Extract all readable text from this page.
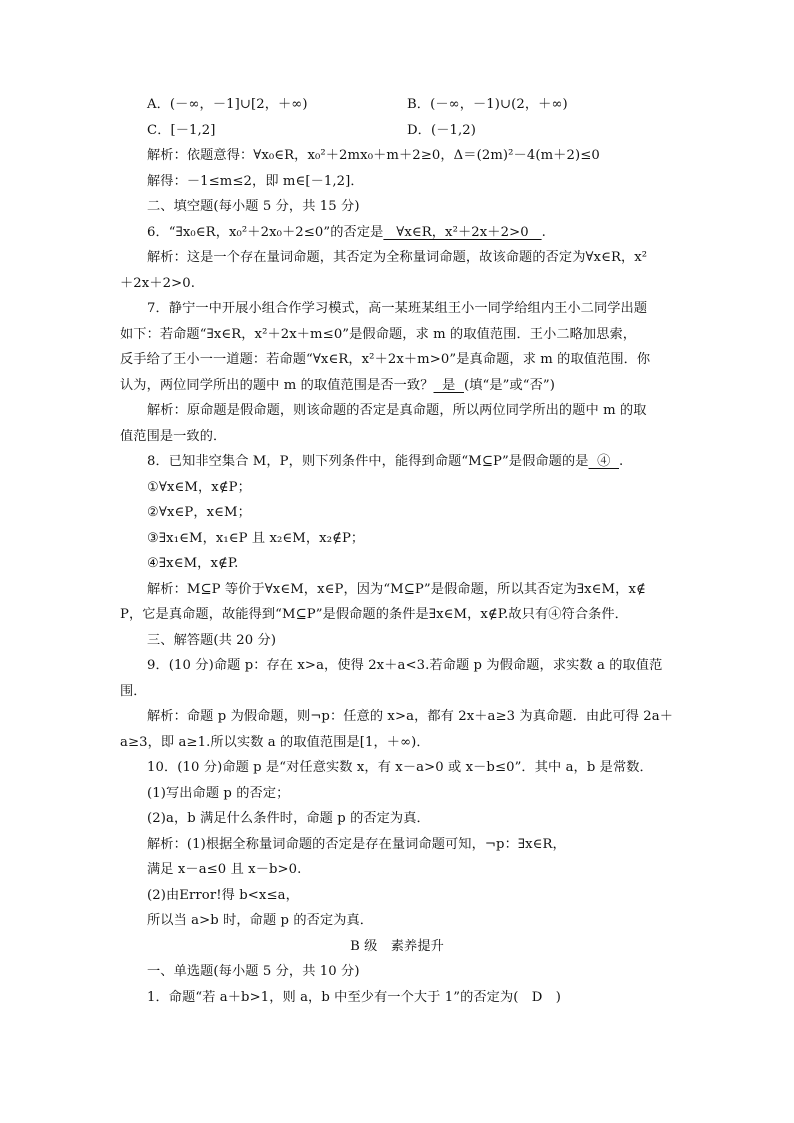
A．(－∞，－1]∪[2，＋∞)	B．(－∞，－1)∪(2，＋∞)
C．[－1,2]	D．(－1,2)
解析：依题意得：∀x₀∈R，x₀²＋2mx₀＋m＋2≥0，Δ＝(2m)²－4(m＋2)≤0
解得：－1≤m≤2，即 m∈[－1,2]．
二、填空题(每小题 5 分，共 15 分)
6．“∃x₀∈R，x₀²＋2x₀＋2≤0”的否定是   ∀x∈R，x²＋2x＋2>0   .
解析：这是一个存在量词命题，其否定为全称量词命题，故该命题的否定为∀x∈R，x²
＋2x＋2>0.
7．静宁一中开展小组合作学习模式，高一某班某组王小一同学给组内王小二同学出题
如下：若命题“∃x∈R，x²＋2x＋m≤0”是假命题，求 m 的取值范围．王小二略加思索，
反手给了王小一一道题：若命题“∀x∈R，x²＋2x＋m>0”是真命题，求 m 的取值范围．你
认为，两位同学所出的题中 m 的取值范围是否一致？  是  (填“是”或“否”)
解析：原命题是假命题，则该命题的否定是真命题，所以两位同学所出的题中 m 的取
值范围是一致的．
8．已知非空集合 M，P，则下列条件中，能得到命题“M⊆P”是假命题的是  ④  .
①∀x∈M，x∉P；
②∀x∈P，x∈M；
③∃x₁∈M，x₁∈P 且 x₂∈M，x₂∉P；
④∃x∈M，x∉P.
解析：M⊆P 等价于∀x∈M，x∈P，因为“M⊆P”是假命题，所以其否定为∃x∈M，x∉
P，它是真命题，故能得到“M⊆P”是假命题的条件是∃x∈M，x∉P.故只有④符合条件．
三、解答题(共 20 分)
9．(10 分)命题 p：存在 x>a，使得 2x＋a<3.若命题 p 为假命题，求实数 a 的取值范
围．
解析：命题 p 为假命题，则¬p：任意的 x>a，都有 2x＋a≥3 为真命题．由此可得 2a＋
a≥3，即 a≥1.所以实数 a 的取值范围是[1，＋∞)．
10．(10 分)命题 p 是“对任意实数 x，有 x－a>0 或 x－b≤0”．其中 a，b 是常数．
(1)写出命题 p 的否定；
(2)a，b 满足什么条件时，命题 p 的否定为真．
解析：(1)根据全称量词命题的否定是存在量词命题可知，¬p：∃x∈R，
满足 x－a≤0 且 x－b>0.
(2)由Error!得 b<x≤a，
所以当 a>b 时，命题 p 的否定为真．
B 级　素养提升
一、单选题(每小题 5 分，共 10 分)
1．命题“若 a＋b>1，则 a，b 中至少有一个大于 1”的否定为(　D　)
